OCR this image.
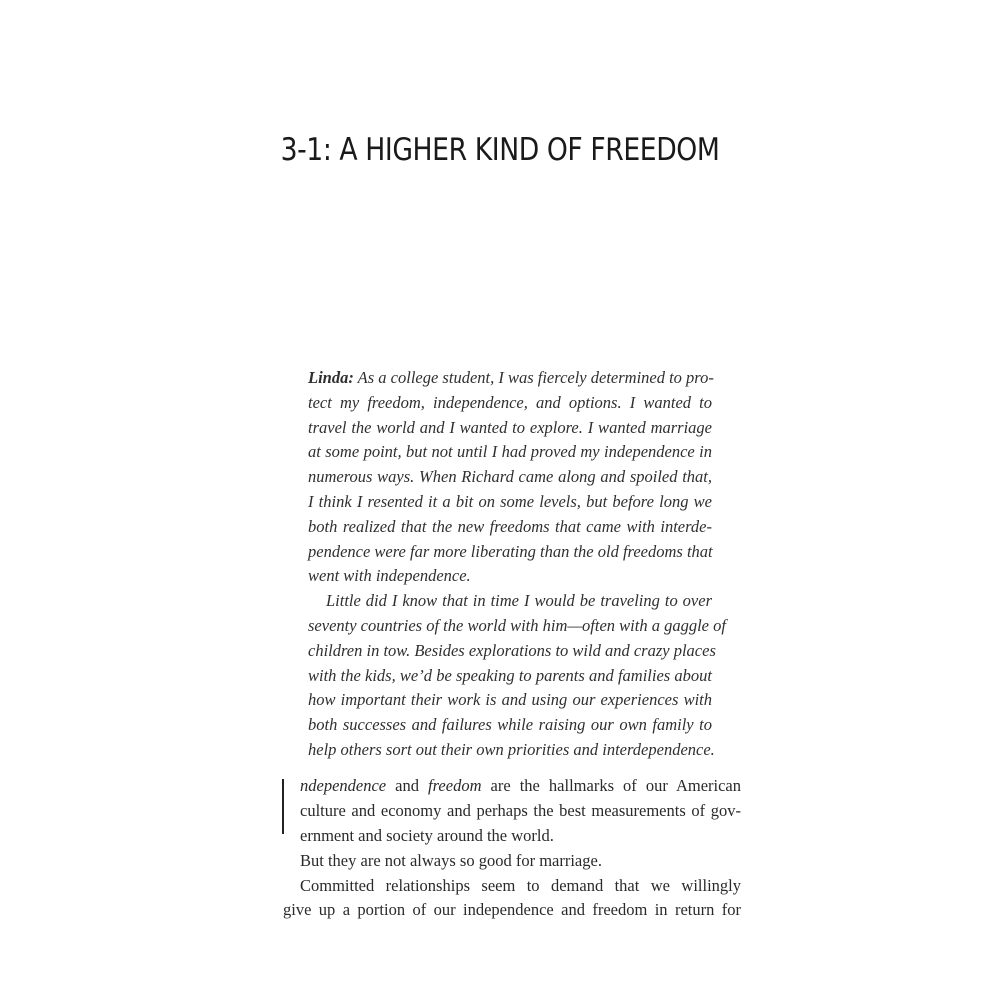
3-1: A HIGHER KIND OF FREEDOM
Linda: As a college student, I was fiercely determined to pro-
tect my freedom, independence, and options. I wanted to
travel the world and I wanted to explore. I wanted marriage
at some point, but not until I had proved my independence in
numerous ways. When Richard came along and spoiled that,
I think I resented it a bit on some levels, but before long we
both realized that the new freedoms that came with interde-
pendence were far more liberating than the old freedoms that
went with independence.
Little did I know that in time I would be traveling to over
seventy countries of the world with him—often with a gaggle of
children in tow. Besides explorations to wild and crazy places
with the kids, we’d be speaking to parents and families about
how important their work is and using our experiences with
both successes and failures while raising our own family to
help others sort out their own priorities and interdependence.
ndependence and freedom are the hallmarks of our American
culture and economy and perhaps the best measurements of gov-
ernment and society around the world.
But they are not always so good for marriage.
Committed relationships seem to demand that we willingly
give up a portion of our independence and freedom in return for
